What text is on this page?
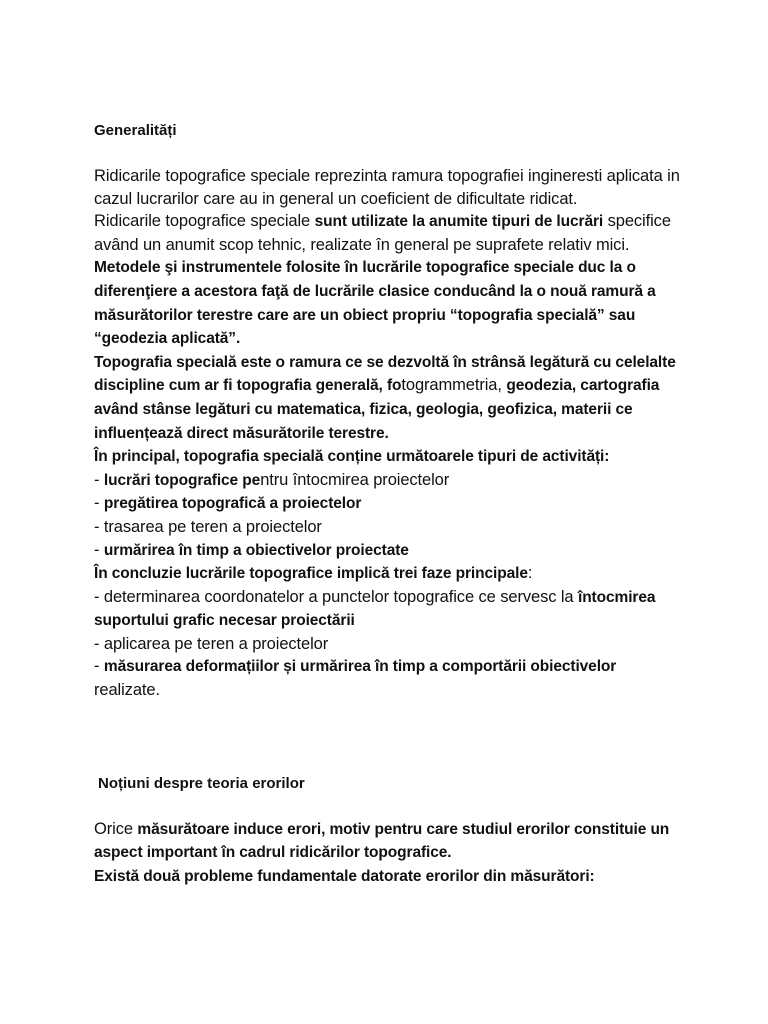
Generalități

Ridicarile topografice speciale reprezinta ramura topografiei ingineresti aplicata in cazul lucrarilor care au in general un coeficient de dificultate ridicat.

Ridicarile topografice speciale sunt utilizate la anumite tipuri de lucrări specifice având un anumit scop tehnic, realizate în general pe suprafete relativ mici.

Metodele şi instrumentele folosite în lucrările topografice speciale duc la o diferenţiere a acestora faţă de lucrările clasice conducând la o nouă ramură a măsurătorilor terestre care are un obiect propriu “topografia specială” sau “geodezia aplicată”.

Topografia specială este o ramura ce se dezvoltă în strânsă legătură cu celelalte discipline cum ar fi topografia generală, fotogrammetria, geodezia, cartografia având stânse legături cu matematica, fizica, geologia, geofizica, materii ce influențează direct măsurătorile terestre.

În principal, topografia specială conține următoarele tipuri de activități:

- lucrări topografice pentru întocmirea proiectelor

- pregătirea topografică a proiectelor

- trasarea pe teren a proiectelor

- urmărirea în timp a obiectivelor proiectate

În concluzie lucrările topografice implică trei faze principale:

- determinarea coordonatelor a punctelor topografice ce servesc la întocmirea suportului grafic necesar proiectării

- aplicarea pe teren a proiectelor

- măsurarea deformațiilor și urmărirea în timp a comportării obiectivelor realizate.

Noțiuni despre teoria erorilor

Orice măsurătoare induce erori, motiv pentru care studiul erorilor constituie un aspect important în cadrul ridicărilor topografice.

Există două probleme fundamentale datorate erorilor din măsurători:
